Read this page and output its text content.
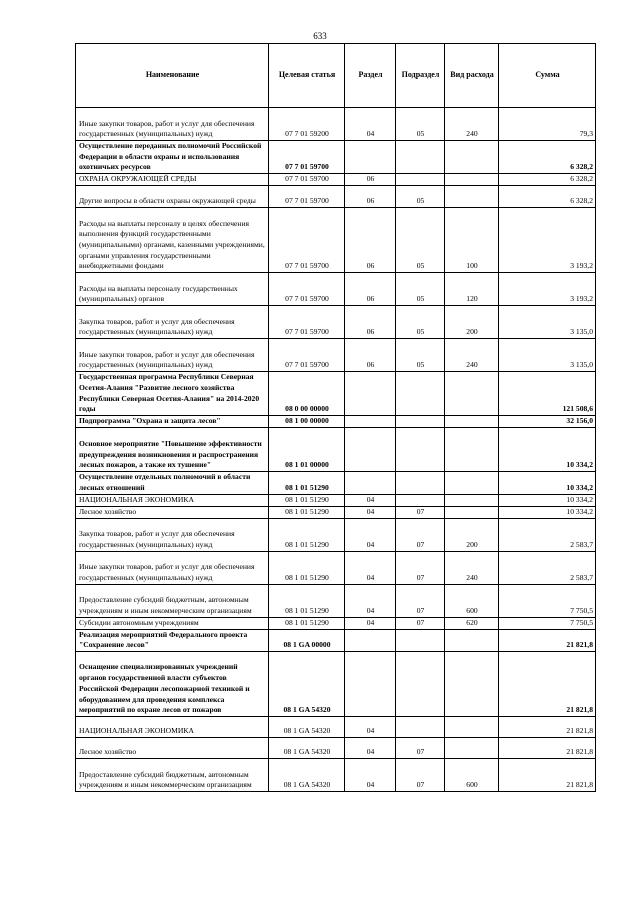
633
Наименование	Целевая статья	Раздел	Подраздел	Вид расхода	Сумма
Иные закупки товаров, работ и услуг для обеспечения государственных (муниципальных) нужд	07 7 01 59200	04	05	240	79,3
Осуществление переданных полномочий Российской Федерации в области охраны и использования охотничьих ресурсов	07 7 01 59700				6 328,2
ОХРАНА ОКРУЖАЮЩЕЙ СРЕДЫ	07 7 01 59700	06			6 328,2
Другие вопросы в области охраны окружающей среды	07 7 01 59700	06	05		6 328,2
Расходы на выплаты персоналу в целях обеспечения выполнения функций государственными (муниципальными) органами, казенными учреждениями, органами управления государственными внебюджетными фондами	07 7 01 59700	06	05	100	3 193,2
Расходы на выплаты персоналу государственных (муниципальных) органов	07 7 01 59700	06	05	120	3 193,2
Закупка товаров, работ и услуг для обеспечения государственных (муниципальных) нужд	07 7 01 59700	06	05	200	3 135,0
Иные закупки товаров, работ и услуг для обеспечения государственных (муниципальных) нужд	07 7 01 59700	06	05	240	3 135,0
Государственная программа Республики Северная Осетия-Алания "Развитие лесного хозяйства Республики Северная Осетия-Алания" на 2014-2020 годы	08 0 00 00000				121 508,6
Подпрограмма "Охрана и защита лесов"	08 1 00 00000				32 156,0
Основное мероприятие "Повышение эффективности предупреждения возникновения и распространения лесных пожаров, а также их тушение"	08 1 01 00000				10 334,2
Осуществление отдельных полномочий в области лесных отношений	08 1 01 51290				10 334,2
НАЦИОНАЛЬНАЯ ЭКОНОМИКА	08 1 01 51290	04			10 334,2
Лесное хозяйство	08 1 01 51290	04	07		10 334,2
Закупка товаров, работ и услуг для обеспечения государственных (муниципальных) нужд	08 1 01 51290	04	07	200	2 583,7
Иные закупки товаров, работ и услуг для обеспечения государственных (муниципальных) нужд	08 1 01 51290	04	07	240	2 583,7
Предоставление субсидий бюджетным, автономным учреждениям и иным некоммерческим организациям	08 1 01 51290	04	07	600	7 750,5
Субсидии автономным учреждениям	08 1 01 51290	04	07	620	7 750,5
Реализация мероприятий Федерального проекта "Сохранение лесов"	08 1 GA 00000				21 821,8
Оснащение специализированных учреждений органов государственной власти субъектов Российской Федерации лесопожарной техникой и оборудованием для проведения комплекса мероприятий по охране лесов от пожаров	08 1 GA 54320				21 821,8
НАЦИОНАЛЬНАЯ ЭКОНОМИКА	08 1 GA 54320	04			21 821,8
Лесное хозяйство	08 1 GA 54320	04	07		21 821,8
Предоставление субсидий бюджетным, автономным учреждениям и иным некоммерческим организациям	08 1 GA 54320	04	07	600	21 821,8
